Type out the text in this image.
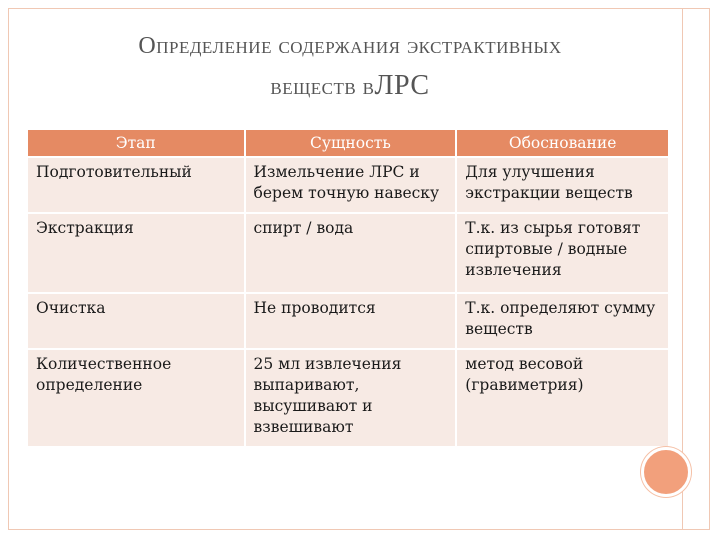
Определение содержания экстрактивных
веществ вЛРС
Этап	Сущность	Обоснование
Подготовительный	Измельчение ЛРС и берем точную навеску	Для улучшения экстракции веществ
Экстракция	спирт / вода	Т.к. из сырья готовят спиртовые / водные извлечения
Очистка	Не проводится	Т.к. определяют сумму веществ
Количественное определение	25 мл извлечения выпаривают, высушивают и взвешивают	метод весовой (гравиметрия)
